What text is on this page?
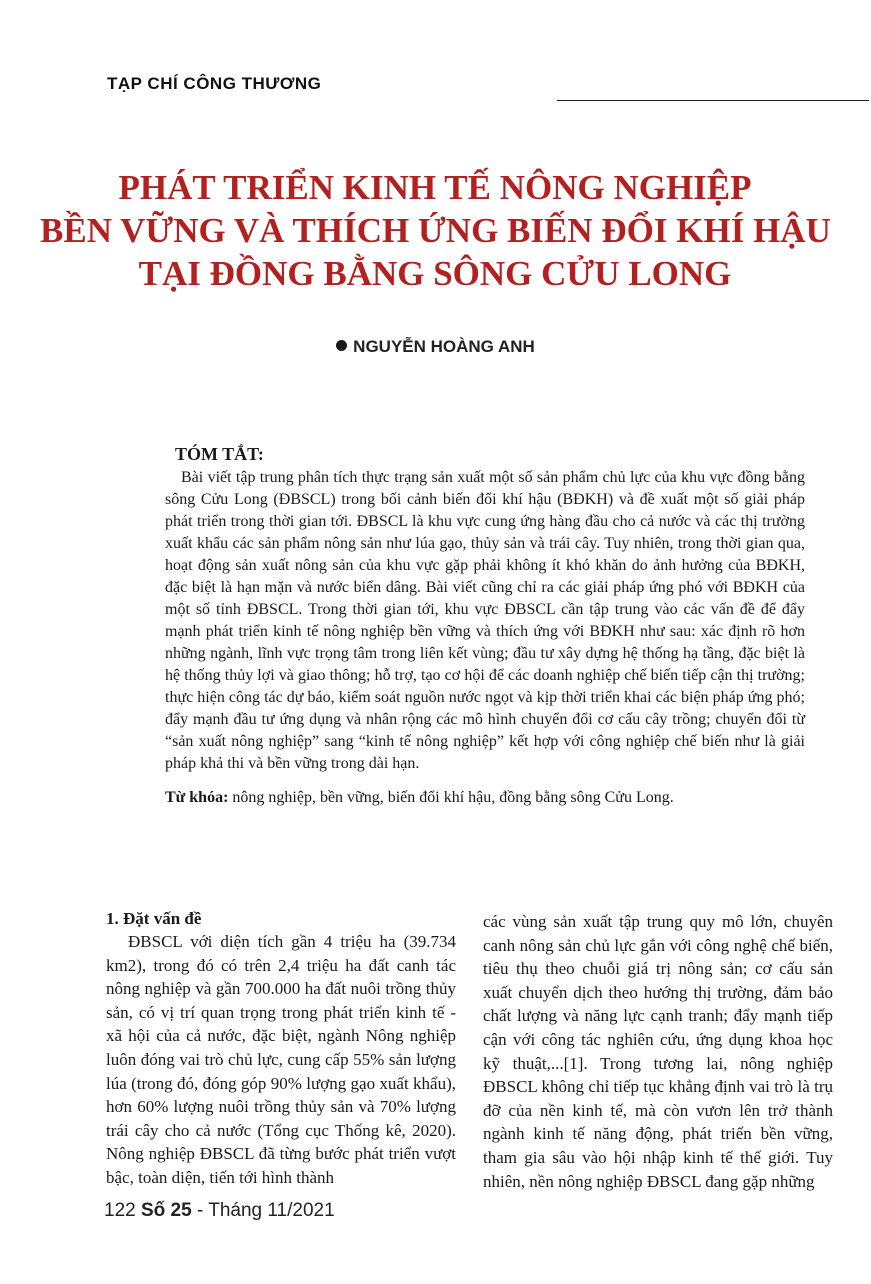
TẠP CHÍ CÔNG THƯƠNG
PHÁT TRIỂN KINH TẾ NÔNG NGHIỆP
BỀN VỮNG VÀ THÍCH ỨNG BIẾN ĐỔI KHÍ HẬU
TẠI ĐỒNG BẰNG SÔNG CỬU LONG
NGUYỄN HOÀNG ANH
TÓM TẮT:
Bài viết tập trung phân tích thực trạng sản xuất một số sản phẩm chủ lực của khu vực đồng bằng sông Cửu Long (ĐBSCL) trong bối cảnh biến đổi khí hậu (BĐKH) và đề xuất một số giải pháp phát triển trong thời gian tới. ĐBSCL là khu vực cung ứng hàng đầu cho cả nước và các thị trường xuất khẩu các sản phẩm nông sản như lúa gạo, thủy sản và trái cây. Tuy nhiên, trong thời gian qua, hoạt động sản xuất nông sản của khu vực gặp phải không ít khó khăn do ảnh hưởng của BĐKH, đặc biệt là hạn mặn và nước biển dâng. Bài viết cũng chỉ ra các giải pháp ứng phó với BĐKH của một số tỉnh ĐBSCL. Trong thời gian tới, khu vực ĐBSCL cần tập trung vào các vấn đề để đẩy mạnh phát triển kinh tế nông nghiệp bền vững và thích ứng với BĐKH như sau: xác định rõ hơn những ngành, lĩnh vực trọng tâm trong liên kết vùng; đầu tư xây dựng hệ thống hạ tầng, đặc biệt là hệ thống thủy lợi và giao thông; hỗ trợ, tạo cơ hội để các doanh nghiệp chế biến tiếp cận thị trường; thực hiện công tác dự báo, kiểm soát nguồn nước ngọt và kịp thời triển khai các biện pháp ứng phó; đẩy mạnh đầu tư ứng dụng và nhân rộng các mô hình chuyển đổi cơ cấu cây trồng; chuyển đổi từ “sản xuất nông nghiệp” sang “kinh tế nông nghiệp” kết hợp với công nghiệp chế biến như là giải pháp khả thi và bền vững trong dài hạn.
Từ khóa: nông nghiệp, bền vững, biến đổi khí hậu, đồng bằng sông Cửu Long.
1. Đặt vấn đề
ĐBSCL với diện tích gần 4 triệu ha (39.734 km2), trong đó có trên 2,4 triệu ha đất canh tác nông nghiệp và gần 700.000 ha đất nuôi trồng thủy sản, có vị trí quan trọng trong phát triển kinh tế - xã hội của cả nước, đặc biệt, ngành Nông nghiệp luôn đóng vai trò chủ lực, cung cấp 55% sản lượng lúa (trong đó, đóng góp 90% lượng gạo xuất khẩu), hơn 60% lượng nuôi trồng thủy sản và 70% lượng trái cây cho cả nước (Tổng cục Thống kê, 2020). Nông nghiệp ĐBSCL đã từng bước phát triển vượt bậc, toàn diện, tiến tới hình thành
các vùng sản xuất tập trung quy mô lớn, chuyên canh nông sản chủ lực gắn với công nghệ chế biến, tiêu thụ theo chuỗi giá trị nông sản; cơ cấu sản xuất chuyển dịch theo hướng thị trường, đảm bảo chất lượng và năng lực cạnh tranh; đẩy mạnh tiếp cận với công tác nghiên cứu, ứng dụng khoa học kỹ thuật,...[1]. Trong tương lai, nông nghiệp ĐBSCL không chỉ tiếp tục khẳng định vai trò là trụ đỡ của nền kinh tế, mà còn vươn lên trở thành ngành kinh tế năng động, phát triển bền vững, tham gia sâu vào hội nhập kinh tế thế giới. Tuy nhiên, nền nông nghiệp ĐBSCL đang gặp những
122 Số 25 - Tháng 11/2021
